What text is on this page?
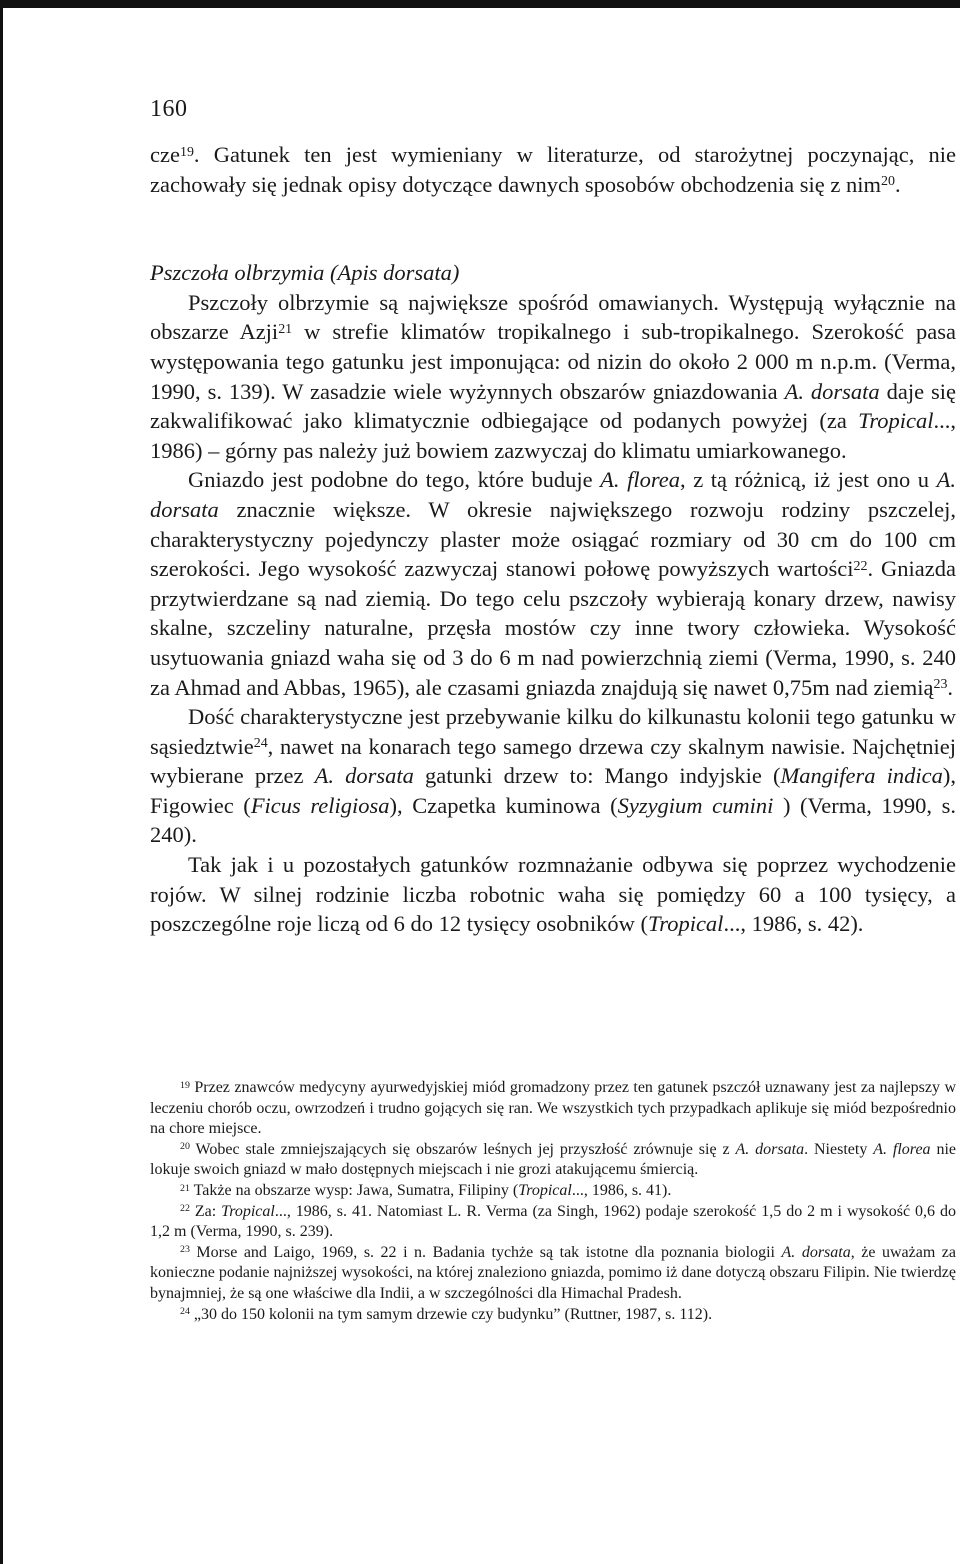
160

cze$^{19}$. Gatunek ten jest wymieniany w literaturze, od starożytnej poczynając, nie zachowały się jednak opisy dotyczące dawnych sposobów obchodzenia się z nim$^{20}$.

Pszczoła olbrzymia (Apis dorsata)

Pszczoły olbrzymie są największe spośród omawianych. Występują wyłącznie na obszarze Azji$^{21}$ w strefie klimatów tropikalnego i sub-tropikalnego. Szerokość pasa występowania tego gatunku jest imponująca: od nizin do około 2 000 m n.p.m. (Verma, 1990, s. 139). W zasadzie wiele wyżynnych obszarów gniazdowania A. dorsata daje się zakwalifikować jako klimatycznie odbiegające od podanych powyżej (za Tropical..., 1986) – górny pas należy już bowiem zazwyczaj do klimatu umiarkowanego.

Gniazdo jest podobne do tego, które buduje A. florea, z tą różnicą, iż jest ono u A. dorsata znacznie większe. W okresie największego rozwoju rodziny pszczelej, charakterystyczny pojedynczy plaster może osiągać rozmiary od 30 cm do 100 cm szerokości. Jego wysokość zazwyczaj stanowi połowę powyższych wartości$^{22}$. Gniazda przytwierdzane są nad ziemią. Do tego celu pszczoły wybierają konary drzew, nawisy skalne, szczeliny naturalne, przęsła mostów czy inne twory człowieka. Wysokość usytuowania gniazd waha się od 3 do 6 m nad powierzchnią ziemi (Verma, 1990, s. 240 za Ahmad and Abbas, 1965), ale czasami gniazda znajdują się nawet 0,75m nad ziemią$^{23}$.

Dość charakterystyczne jest przebywanie kilku do kilkunastu kolonii tego gatunku w sąsiedztwie$^{24}$, nawet na konarach tego samego drzewa czy skalnym nawisie. Najchętniej wybierane przez A. dorsata gatunki drzew to: Mango indyjskie (Mangifera indica), Figowiec (Ficus religiosa), Czapetka kuminowa (Syzygium cumini ) (Verma, 1990, s. 240).

Tak jak i u pozostałych gatunków rozmnażanie odbywa się poprzez wychodzenie rojów. W silnej rodzinie liczba robotnic waha się pomiędzy 60 a 100 tysięcy, a poszczególne roje liczą od 6 do 12 tysięcy osobników (Tropical..., 1986, s. 42).

$^{19}$ Przez znawców medycyny ayurwedyjskiej miód gromadzony przez ten gatunek pszczół uznawany jest za najlepszy w leczeniu chorób oczu, owrzodzeń i trudno gojących się ran. We wszystkich tych przypadkach aplikuje się miód bezpośrednio na chore miejsce.

$^{20}$ Wobec stale zmniejszających się obszarów leśnych jej przyszłość zrównuje się z A. dorsata. Niestety A. florea nie lokuje swoich gniazd w mało dostępnych miejscach i nie grozi atakującemu śmiercią.

$^{21}$ Także na obszarze wysp: Jawa, Sumatra, Filipiny (Tropical..., 1986, s. 41).

$^{22}$ Za: Tropical..., 1986, s. 41. Natomiast L. R. Verma (za Singh, 1962) podaje szerokość 1,5 do 2 m i wysokość 0,6 do 1,2 m (Verma, 1990, s. 239).

$^{23}$ Morse and Laigo, 1969, s. 22 i n. Badania tychże są tak istotne dla poznania biologii A. dorsata, że uważam za konieczne podanie najniższej wysokości, na której znaleziono gniazda, pomimo iż dane dotyczą obszaru Filipin. Nie twierdzę bynajmniej, że są one właściwe dla Indii, a w szczególności dla Himachal Pradesh.

$^{24}$ „30 do 150 kolonii na tym samym drzewie czy budynku” (Ruttner, 1987, s. 112).
